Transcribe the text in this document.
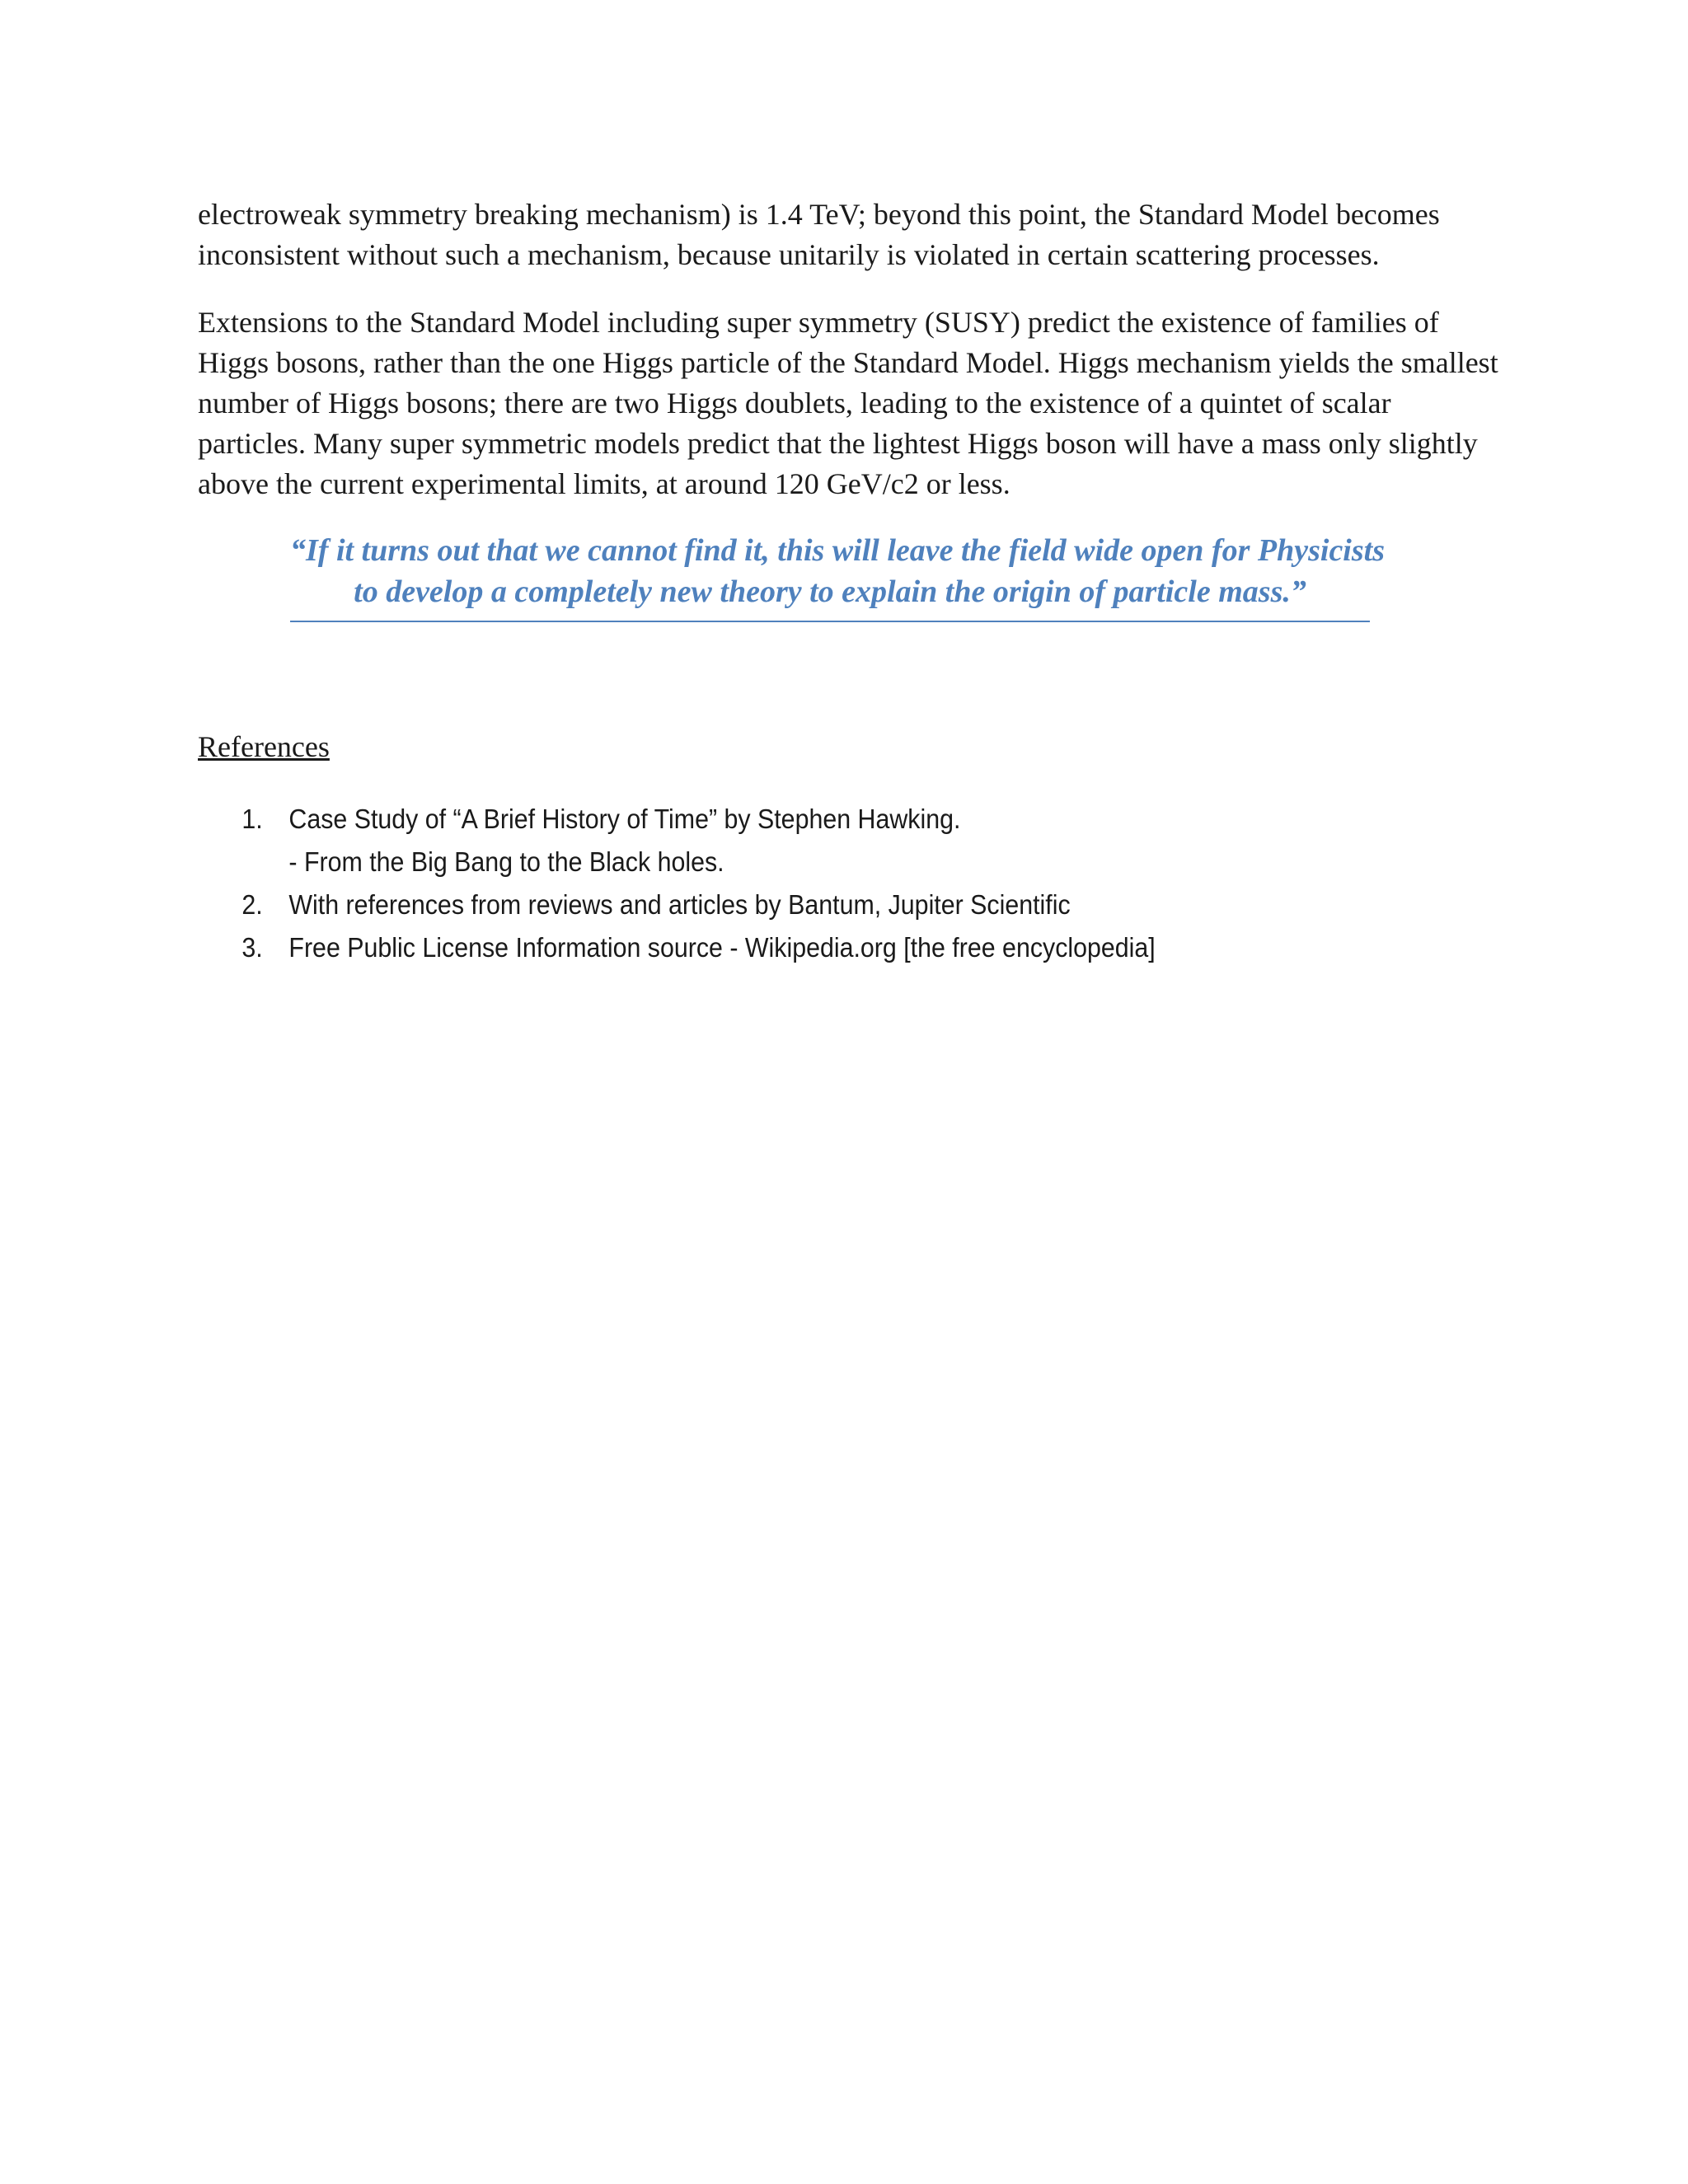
electroweak symmetry breaking mechanism) is 1.4 TeV; beyond this point, the Standard Model becomes inconsistent without such a mechanism, because unitarily is violated in certain scattering processes.

Extensions to the Standard Model including super symmetry (SUSY) predict the existence of families of Higgs bosons, rather than the one Higgs particle of the Standard Model. Higgs mechanism yields the smallest number of Higgs bosons; there are two Higgs doublets, leading to the existence of a quintet of scalar particles. Many super symmetric models predict that the lightest Higgs boson will have a mass only slightly above the current experimental limits, at around 120 GeV/c2 or less.

“If it turns out that we cannot find it, this will leave the field wide open for Physicists
to develop a completely new theory to explain the origin of particle mass.”

References

1. Case Study of “A Brief History of Time” by Stephen Hawking.
- From the Big Bang to the Black holes.
2. With references from reviews and articles by Bantum, Jupiter Scientific
3. Free Public License Information source - Wikipedia.org [the free encyclopedia]
